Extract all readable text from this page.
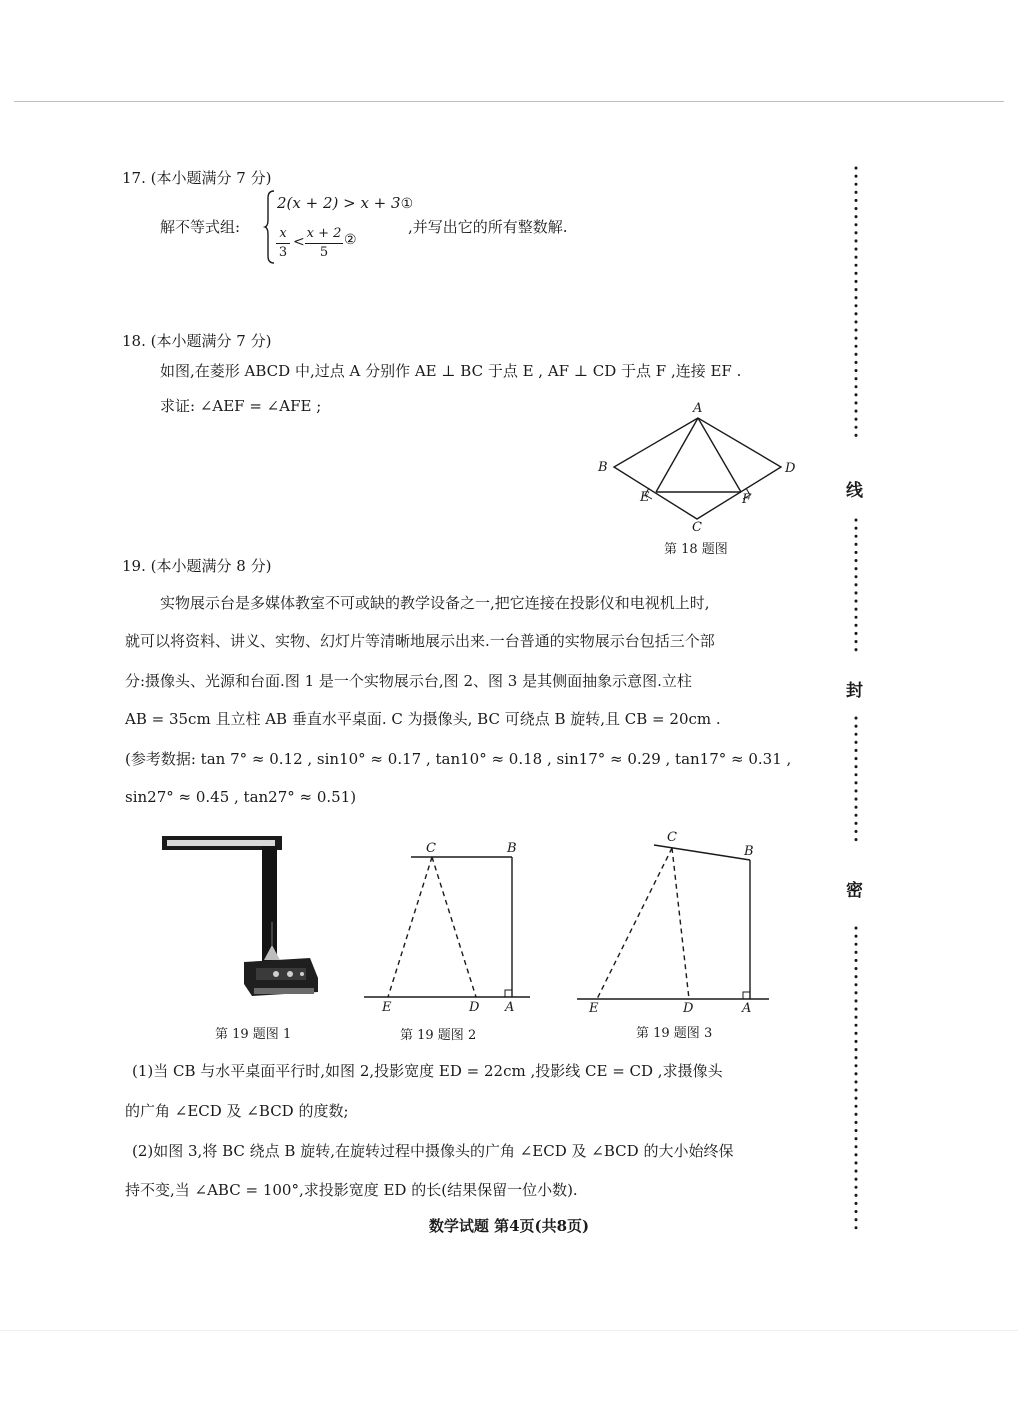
17. (本小题满分 7 分)
解不等式组:
2(x + 2) > x + 3①
x
3
<
x + 2
5
②
,并写出它的所有整数解.
18. (本小题满分 7 分)
如图,在菱形 ABCD 中,过点 A 分别作 AE ⊥ BC 于点 E , AF ⊥ CD 于点 F ,连接 EF .
求证: ∠AEF = ∠AFE ;	A
B
C
D
E	F
第 18 题图
19. (本小题满分 8 分)
实物展示台是多媒体教室不可或缺的教学设备之一,把它连接在投影仪和电视机上时,
就可以将资料、讲义、实物、幻灯片等清晰地展示出来.一台普通的实物展示台包括三个部
分:摄像头、光源和台面.图 1 是一个实物展示台,图 2、图 3 是其侧面抽象示意图.立柱
AB = 35cm 且立柱 AB 垂直水平桌面. C 为摄像头, BC 可绕点 B 旋转,且 CB = 20cm .
(参考数据: tan 7° ≈ 0.12 , sin10° ≈ 0.17 , tan10° ≈ 0.18 , sin17° ≈ 0.29 , tan17° ≈ 0.31 ,
sin27° ≈ 0.45 , tan27° ≈ 0.51)
第 19 题图 1
C	B
E	D A
第 19 题图 2
C
B
E	D	A
第 19 题图 3
(1)当 CB 与水平桌面平行时,如图 2,投影宽度 ED = 22cm ,投影线 CE = CD ,求摄像头
的广角 ∠ECD 及 ∠BCD 的度数;
(2)如图 3,将 BC 绕点 B 旋转,在旋转过程中摄像头的广角 ∠ECD 及 ∠BCD 的大小始终保
持不变,当 ∠ABC = 100°,求投影宽度 ED 的长(结果保留一位小数).
线
封
密
数学试题 第4页(共8页)
